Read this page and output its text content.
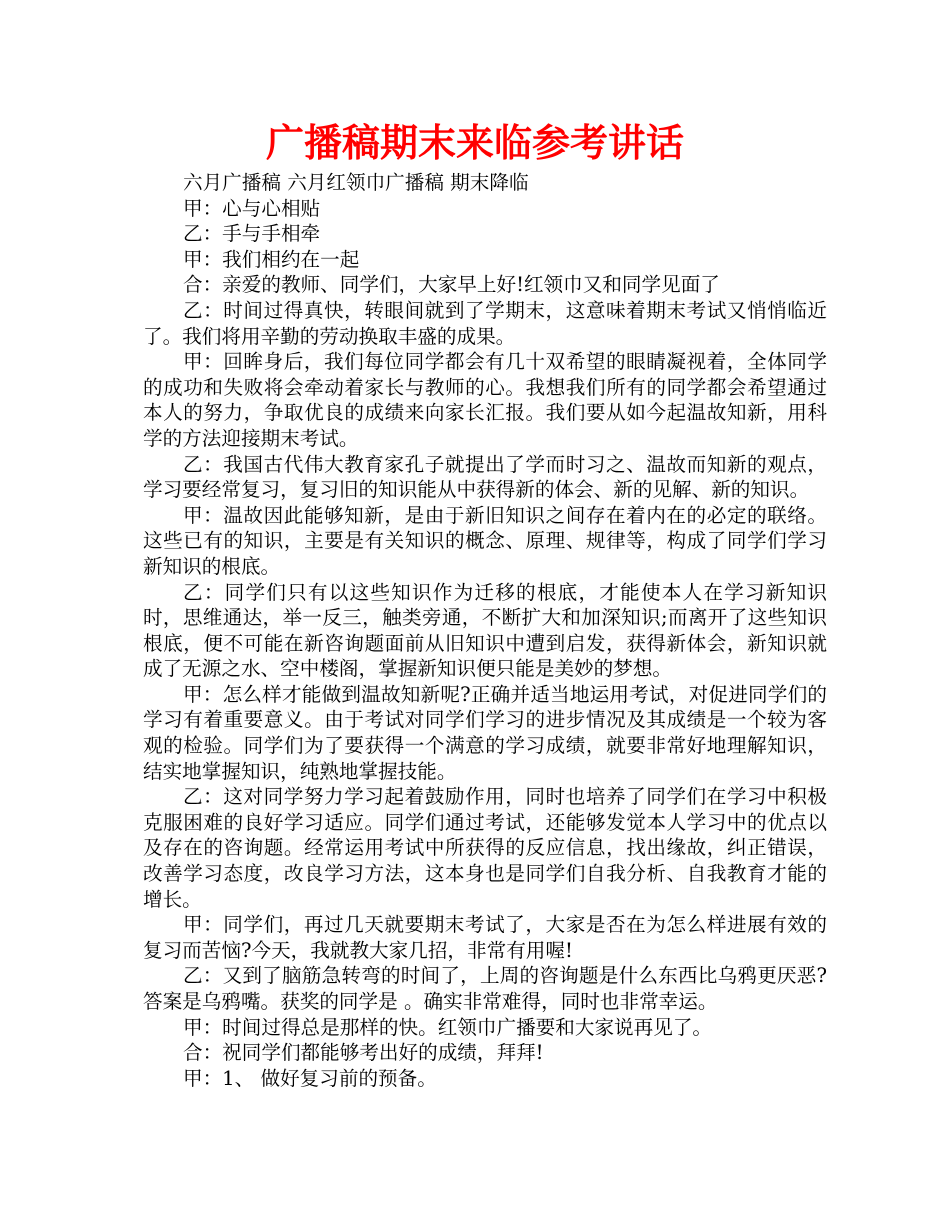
广播稿期末来临参考讲话

六月广播稿 六月红领巾广播稿 期末降临

甲：心与心相贴

乙：手与手相牵

甲：我们相约在一起

合：亲爱的教师、同学们，大家早上好!红领巾又和同学见面了

乙：时间过得真快，转眼间就到了学期末，这意味着期末考试又悄悄临近了。我们将用辛勤的劳动换取丰盛的成果。

甲：回眸身后，我们每位同学都会有几十双希望的眼睛凝视着，全体同学的成功和失败将会牵动着家长与教师的心。我想我们所有的同学都会希望通过本人的努力，争取优良的成绩来向家长汇报。我们要从如今起温故知新，用科学的方法迎接期末考试。

乙：我国古代伟大教育家孔子就提出了学而时习之、温故而知新的观点，学习要经常复习，复习旧的知识能从中获得新的体会、新的见解、新的知识。

甲：温故因此能够知新，是由于新旧知识之间存在着内在的必定的联络。这些已有的知识，主要是有关知识的概念、原理、规律等，构成了同学们学习新知识的根底。

乙：同学们只有以这些知识作为迁移的根底，才能使本人在学习新知识时，思维通达，举一反三，触类旁通，不断扩大和加深知识;而离开了这些知识根底，便不可能在新咨询题面前从旧知识中遭到启发，获得新体会，新知识就成了无源之水、空中楼阁，掌握新知识便只能是美妙的梦想。

甲：怎么样才能做到温故知新呢?正确并适当地运用考试，对促进同学们的学习有着重要意义。由于考试对同学们学习的进步情况及其成绩是一个较为客观的检验。同学们为了要获得一个满意的学习成绩，就要非常好地理解知识，结实地掌握知识，纯熟地掌握技能。

乙：这对同学努力学习起着鼓励作用，同时也培养了同学们在学习中积极克服困难的良好学习适应。同学们通过考试，还能够发觉本人学习中的优点以及存在的咨询题。经常运用考试中所获得的反应信息，找出缘故，纠正错误，改善学习态度，改良学习方法，这本身也是同学们自我分析、自我教育才能的增长。

甲：同学们，再过几天就要期末考试了，大家是否在为怎么样进展有效的复习而苦恼?今天，我就教大家几招，非常有用喔!

乙：又到了脑筋急转弯的时间了，上周的咨询题是什么东西比乌鸦更厌恶? 答案是乌鸦嘴。获奖的同学是 。确实非常难得，同时也非常幸运。

甲：时间过得总是那样的快。红领巾广播要和大家说再见了。

合：祝同学们都能够考出好的成绩，拜拜!

甲：1、 做好复习前的预备。
